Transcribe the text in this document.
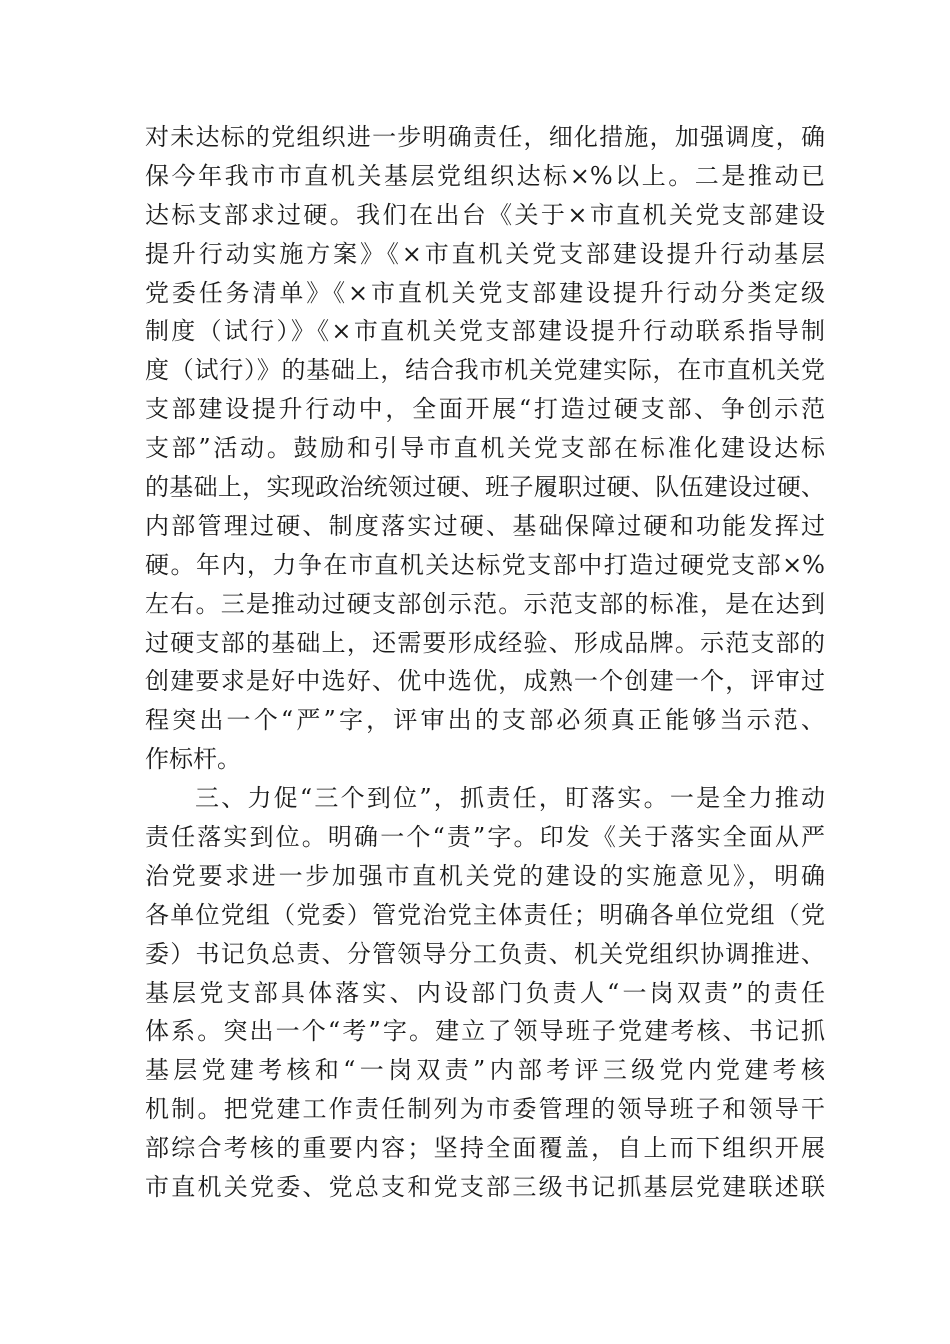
对未达标的党组织进一步明确责任，细化措施，加强调度，确
保今年我市市直机关基层党组织达标×%以上。二是推动已
达标支部求过硬。我们在出台《关于×市直机关党支部建设
提升行动实施方案》《×市直机关党支部建设提升行动基层
党委任务清单》《×市直机关党支部建设提升行动分类定级
制度（试行）》《×市直机关党支部建设提升行动联系指导制
度（试行）》的基础上，结合我市机关党建实际，在市直机关党
支部建设提升行动中，全面开展“打造过硬支部、争创示范
支部”活动。鼓励和引导市直机关党支部在标准化建设达标
的基础上，实现政治统领过硬、班子履职过硬、队伍建设过硬、
内部管理过硬、制度落实过硬、基础保障过硬和功能发挥过
硬。年内，力争在市直机关达标党支部中打造过硬党支部×%
左右。三是推动过硬支部创示范。示范支部的标准，是在达到
过硬支部的基础上，还需要形成经验、形成品牌。示范支部的
创建要求是好中选好、优中选优，成熟一个创建一个，评审过
程突出一个“严”字，评审出的支部必须真正能够当示范、
作标杆。
三、力促“三个到位”，抓责任，盯落实。一是全力推动
责任落实到位。明确一个“责”字。印发《关于落实全面从严
治党要求进一步加强市直机关党的建设的实施意见》，明确
各单位党组（党委）管党治党主体责任；明确各单位党组（党
委）书记负总责、分管领导分工负责、机关党组织协调推进、
基层党支部具体落实、内设部门负责人“一岗双责”的责任
体系。突出一个“考”字。建立了领导班子党建考核、书记抓
基层党建考核和“一岗双责”内部考评三级党内党建考核
机制。把党建工作责任制列为市委管理的领导班子和领导干
部综合考核的重要内容；坚持全面覆盖，自上而下组织开展
市直机关党委、党总支和党支部三级书记抓基层党建联述联
